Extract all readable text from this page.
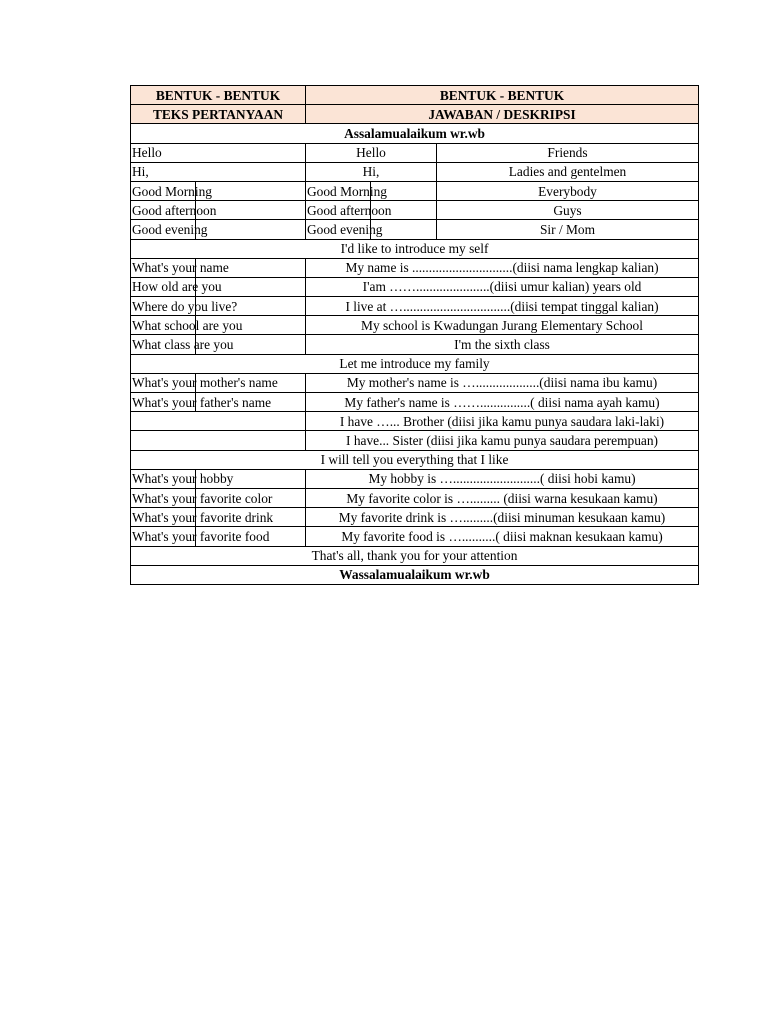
BENTUK - BENTUK	BENTUK - BENTUK	
TEKS PERTANYAAN	JAWABAN / DESKRIPSI	
Assalamualaikum wr.wb		
Hello	Hello	Friends
Hi,	Hi,	Ladies and gentelmen
Good Morning	Good Morning	Everybody
Good afternoon	Good afternoon	Guys
Good evening	Good evening	Sir / Mom
I'd like to introduce my self		
What's your name	My name is ..............................(diisi nama lengkap kalian)	
How old are you	I'am ……......................(diisi umur kalian) years old	
Where do you live?	I live at …................................(diisi tempat tinggal kalian)	
What school are you	My school is Kwadungan Jurang Elementary School	
What class are you	I'm the sixth class	
Let me introduce my family		
What's your mother's name	My mother's name is …...................(diisi nama ibu kamu)	
What's your father's name	My father's name is ……...............( diisi nama ayah kamu)	
	I have …... Brother (diisi jika kamu punya saudara laki-laki)	
	I have... Sister (diisi jika kamu punya saudara perempuan)	
I will tell you everything that I like		
What's your hobby	My hobby is …..........................( diisi hobi kamu)	
What's your favorite color	My favorite color is …......... (diisi warna kesukaan kamu)	
What's your favorite drink	My favorite drink is ….........(diisi minuman kesukaan kamu)	
What's your favorite food	My favorite food is …..........( diisi maknan kesukaan kamu)	
That's all, thank you for your attention		
Wassalamualaikum wr.wb		
